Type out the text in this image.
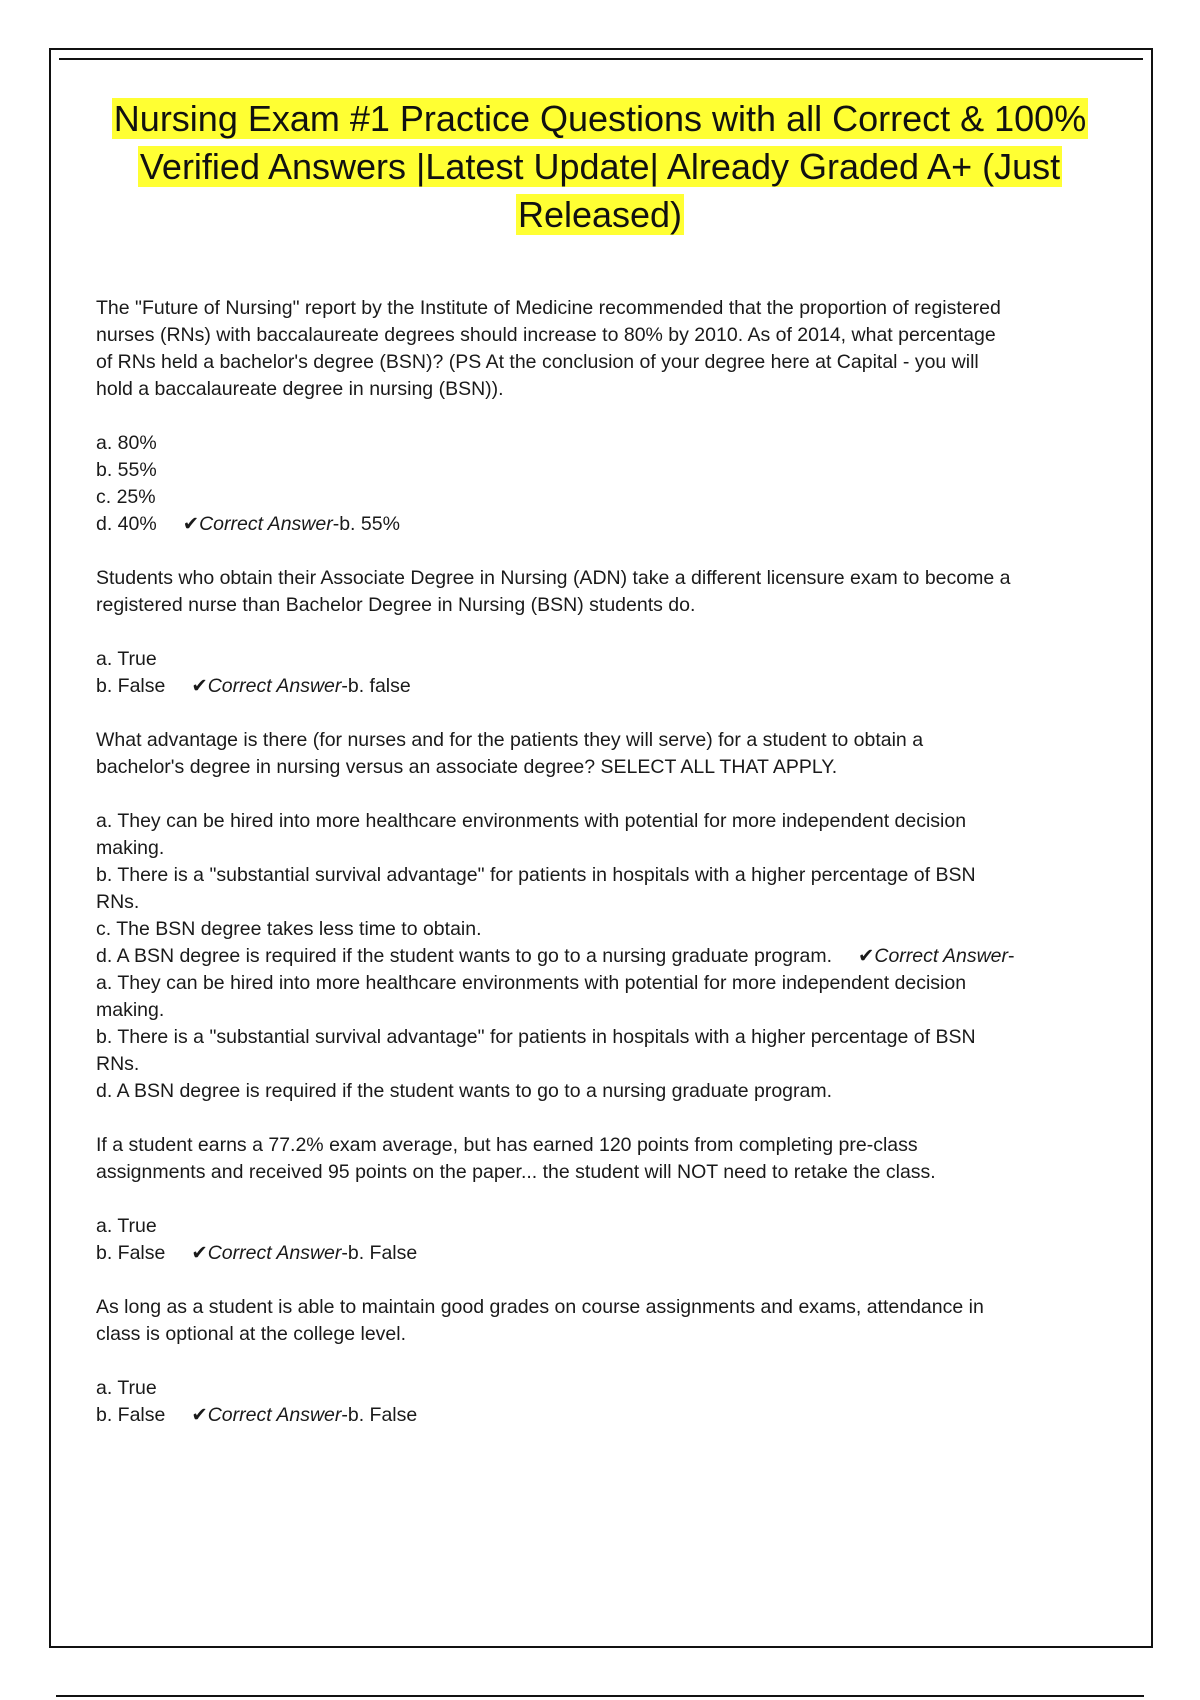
Nursing Exam #1 Practice Questions with all Correct & 100% Verified Answers |Latest Update| Already Graded A+ (Just Released)
The "Future of Nursing" report by the Institute of Medicine recommended that the proportion of registered nurses (RNs) with baccalaureate degrees should increase to 80% by 2010. As of 2014, what percentage of RNs held a bachelor's degree (BSN)? (PS At the conclusion of your degree here at Capital - you will hold a baccalaureate degree in nursing (BSN)).
a. 80%
b. 55%
c. 25%
d. 40% ✔Correct Answer-b. 55%
Students who obtain their Associate Degree in Nursing (ADN) take a different licensure exam to become a registered nurse than Bachelor Degree in Nursing (BSN) students do.
a. True
b. False ✔Correct Answer-b. false
What advantage is there (for nurses and for the patients they will serve) for a student to obtain a bachelor's degree in nursing versus an associate degree? SELECT ALL THAT APPLY.
a. They can be hired into more healthcare environments with potential for more independent decision making.
b. There is a "substantial survival advantage" for patients in hospitals with a higher percentage of BSN RNs.
c. The BSN degree takes less time to obtain.
d. A BSN degree is required if the student wants to go to a nursing graduate program. ✔Correct Answer-a. They can be hired into more healthcare environments with potential for more independent decision making.
b. There is a "substantial survival advantage" for patients in hospitals with a higher percentage of BSN RNs.
d. A BSN degree is required if the student wants to go to a nursing graduate program.
If a student earns a 77.2% exam average, but has earned 120 points from completing pre-class assignments and received 95 points on the paper... the student will NOT need to retake the class.
a. True
b. False ✔Correct Answer-b. False
As long as a student is able to maintain good grades on course assignments and exams, attendance in class is optional at the college level.
a. True
b. False ✔Correct Answer-b. False
